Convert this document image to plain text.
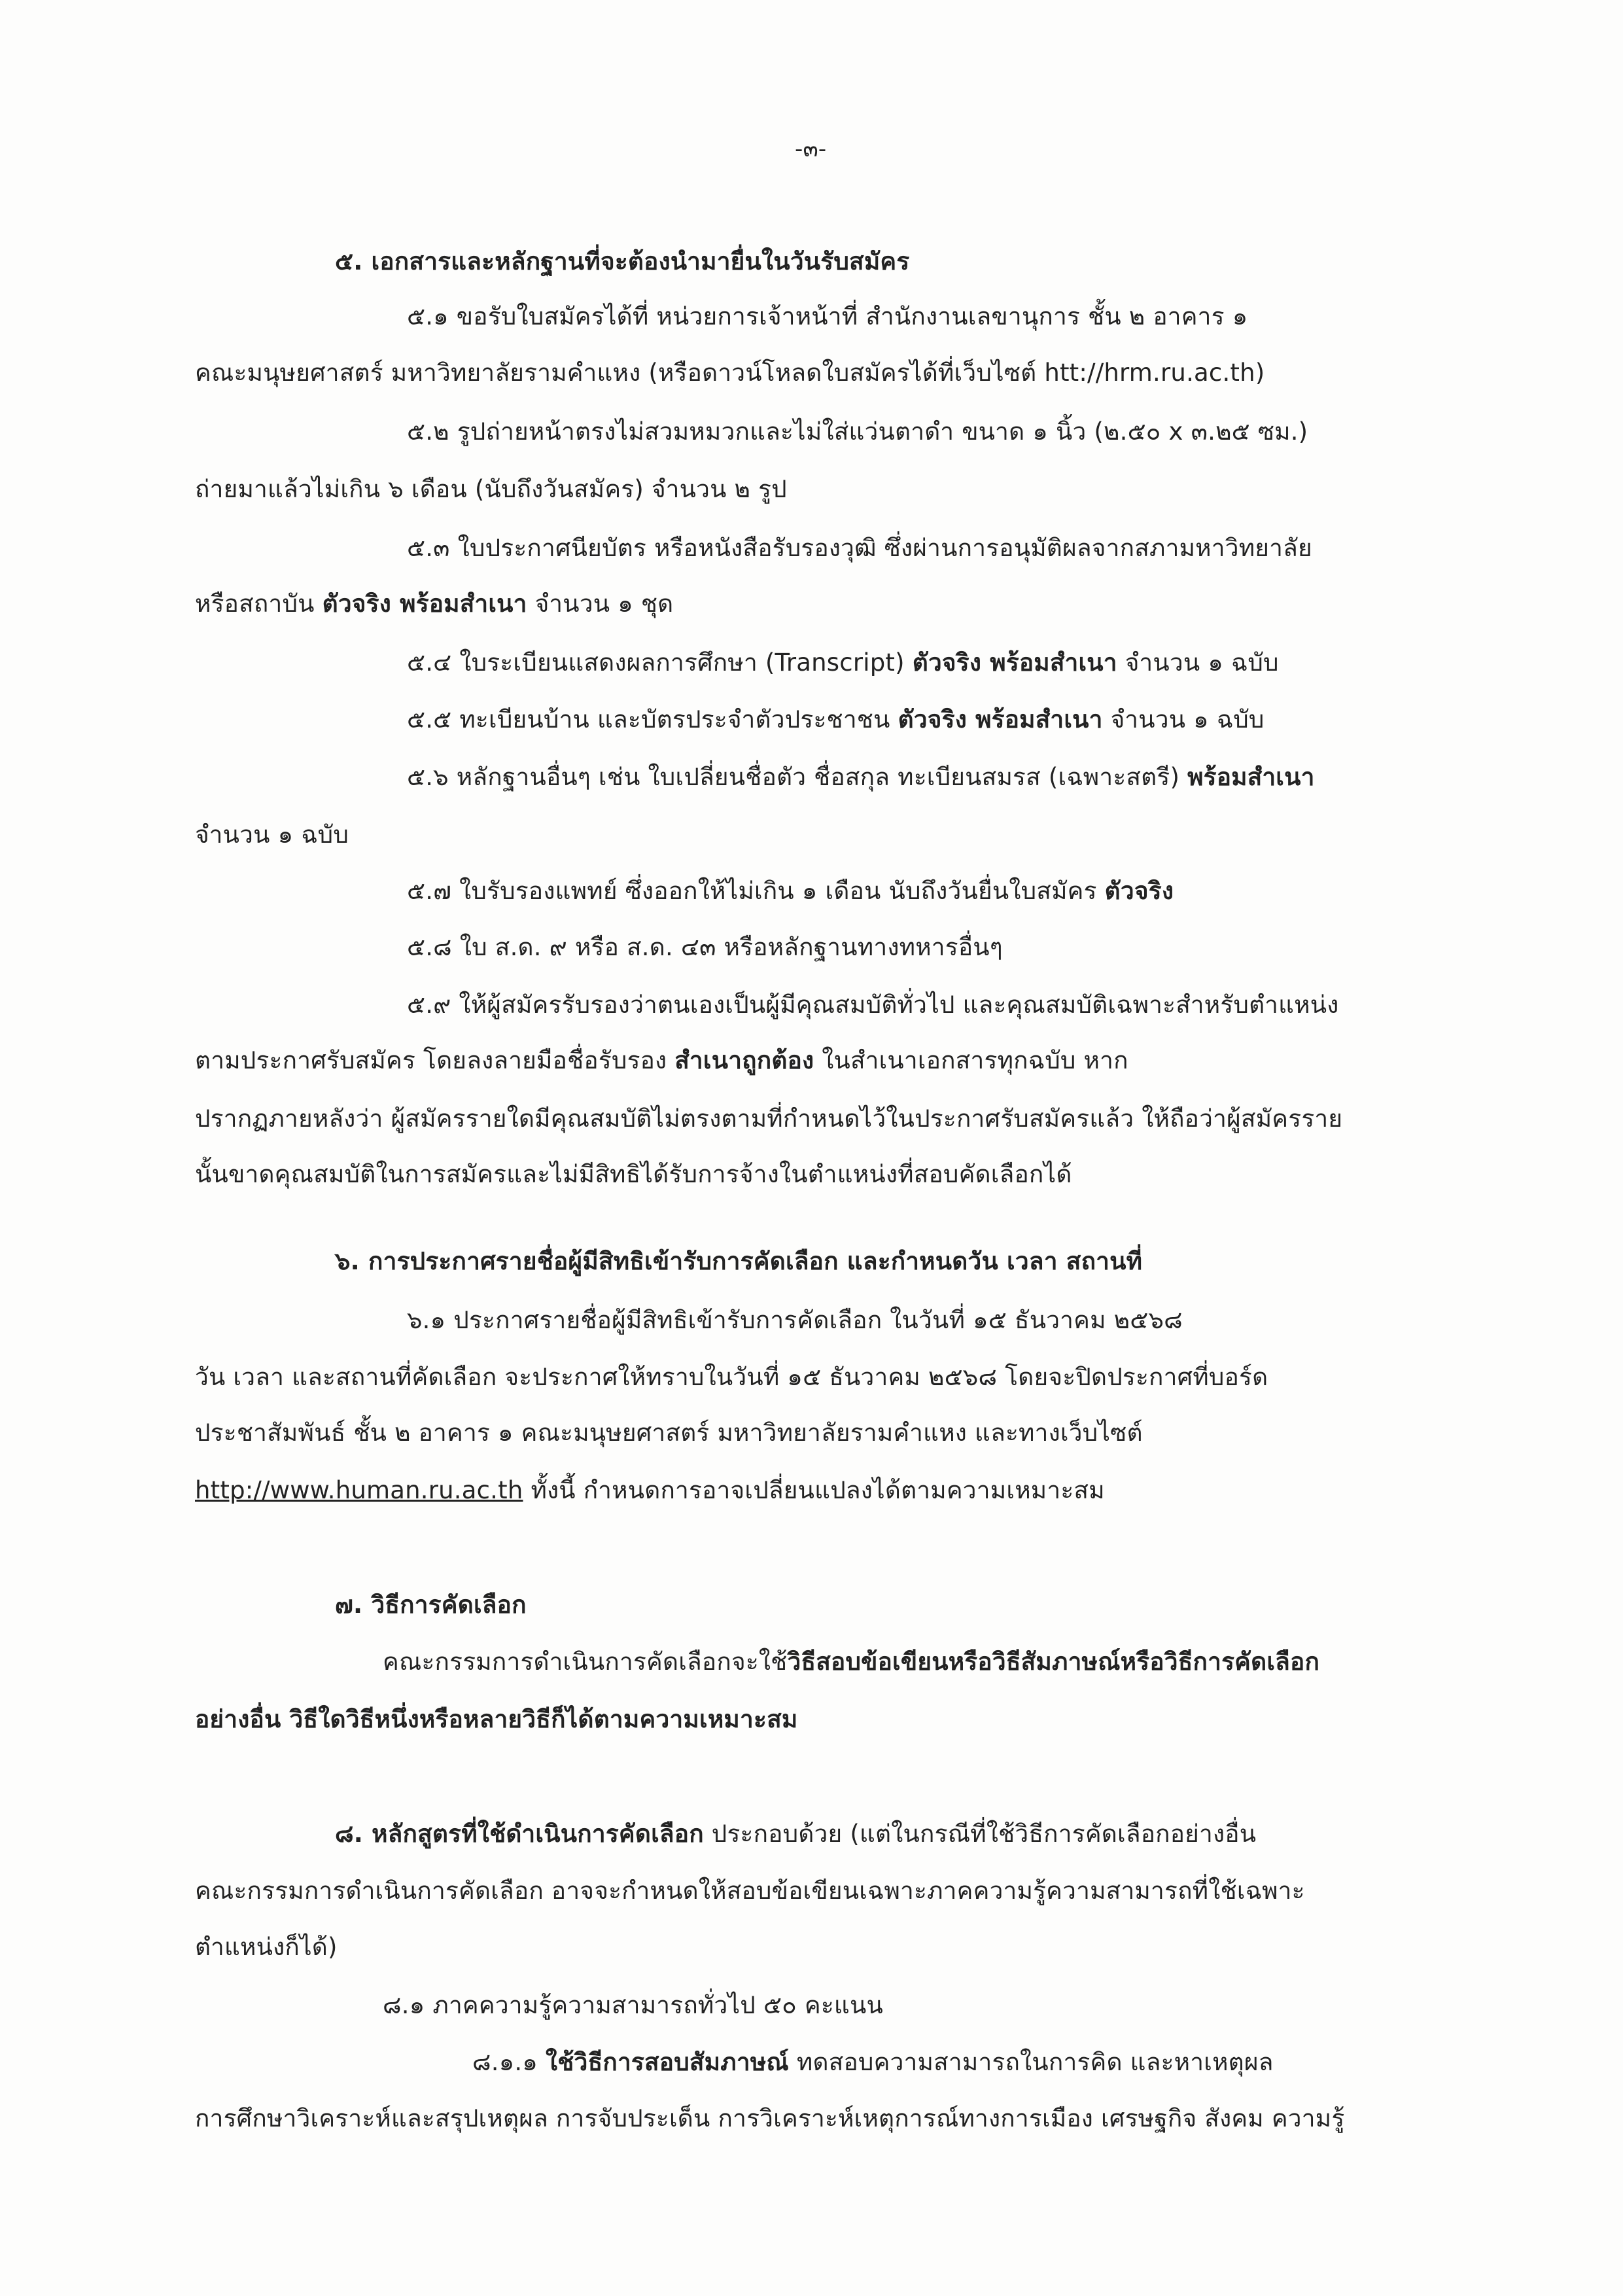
-๓-
๕. เอกสารและหลักฐานที่จะต้องนำมายื่นในวันรับสมัคร
๕.๑ ขอรับใบสมัครได้ที่ หน่วยการเจ้าหน้าที่ สำนักงานเลขานุการ ชั้น ๒ อาคาร ๑
คณะมนุษยศาสตร์ มหาวิทยาลัยรามคำแหง (หรือดาวน์โหลดใบสมัครได้ที่เว็บไซต์ htt://hrm.ru.ac.th)
๕.๒ รูปถ่ายหน้าตรงไม่สวมหมวกและไม่ใส่แว่นตาดำ ขนาด ๑ นิ้ว (๒.๕๐ x ๓.๒๕ ซม.)
ถ่ายมาแล้วไม่เกิน ๖ เดือน (นับถึงวันสมัคร) จำนวน ๒ รูป
๕.๓ ใบประกาศนียบัตร หรือหนังสือรับรองวุฒิ ซึ่งผ่านการอนุมัติผลจากสภามหาวิทยาลัย
หรือสถาบัน ตัวจริง พร้อมสำเนา จำนวน ๑ ชุด
๕.๔ ใบระเบียนแสดงผลการศึกษา (Transcript) ตัวจริง พร้อมสำเนา จำนวน ๑ ฉบับ
๕.๕ ทะเบียนบ้าน และบัตรประจำตัวประชาชน ตัวจริง พร้อมสำเนา จำนวน ๑ ฉบับ
๕.๖ หลักฐานอื่นๆ เช่น ใบเปลี่ยนชื่อตัว ชื่อสกุล ทะเบียนสมรส (เฉพาะสตรี) พร้อมสำเนา
จำนวน ๑ ฉบับ
๕.๗ ใบรับรองแพทย์ ซึ่งออกให้ไม่เกิน ๑ เดือน นับถึงวันยื่นใบสมัคร ตัวจริง
๕.๘ ใบ ส.ด. ๙ หรือ ส.ด. ๔๓ หรือหลักฐานทางทหารอื่นๆ
๕.๙ ให้ผู้สมัครรับรองว่าตนเองเป็นผู้มีคุณสมบัติทั่วไป และคุณสมบัติเฉพาะสำหรับตำแหน่ง
ตามประกาศรับสมัคร โดยลงลายมือชื่อรับรอง สำเนาถูกต้อง ในสำเนาเอกสารทุกฉบับ หาก
ปรากฏภายหลังว่า ผู้สมัครรายใดมีคุณสมบัติไม่ตรงตามที่กำหนดไว้ในประกาศรับสมัครแล้ว ให้ถือว่าผู้สมัครราย
นั้นขาดคุณสมบัติในการสมัครและไม่มีสิทธิได้รับการจ้างในตำแหน่งที่สอบคัดเลือกได้
๖. การประกาศรายชื่อผู้มีสิทธิเข้ารับการคัดเลือก และกำหนดวัน เวลา สถานที่
๖.๑ ประกาศรายชื่อผู้มีสิทธิเข้ารับการคัดเลือก ในวันที่ ๑๕ ธันวาคม ๒๕๖๘
วัน เวลา และสถานที่คัดเลือก จะประกาศให้ทราบในวันที่ ๑๕ ธันวาคม ๒๕๖๘ โดยจะปิดประกาศที่บอร์ด
ประชาสัมพันธ์ ชั้น ๒ อาคาร ๑ คณะมนุษยศาสตร์ มหาวิทยาลัยรามคำแหง และทางเว็บไซต์
http://www.human.ru.ac.th ทั้งนี้ กำหนดการอาจเปลี่ยนแปลงได้ตามความเหมาะสม
๗. วิธีการคัดเลือก
คณะกรรมการดำเนินการคัดเลือกจะใช้วิธีสอบข้อเขียนหรือวิธีสัมภาษณ์หรือวิธีการคัดเลือก
อย่างอื่น วิธีใดวิธีหนึ่งหรือหลายวิธีก็ได้ตามความเหมาะสม
๘. หลักสูตรที่ใช้ดำเนินการคัดเลือก ประกอบด้วย (แต่ในกรณีที่ใช้วิธีการคัดเลือกอย่างอื่น
คณะกรรมการดำเนินการคัดเลือก อาจจะกำหนดให้สอบข้อเขียนเฉพาะภาคความรู้ความสามารถที่ใช้เฉพาะ
ตำแหน่งก็ได้)
๘.๑ ภาคความรู้ความสามารถทั่วไป ๕๐ คะแนน
๘.๑.๑ ใช้วิธีการสอบสัมภาษณ์ ทดสอบความสามารถในการคิด และหาเหตุผล
การศึกษาวิเคราะห์และสรุปเหตุผล การจับประเด็น การวิเคราะห์เหตุการณ์ทางการเมือง เศรษฐกิจ สังคม ความรู้
